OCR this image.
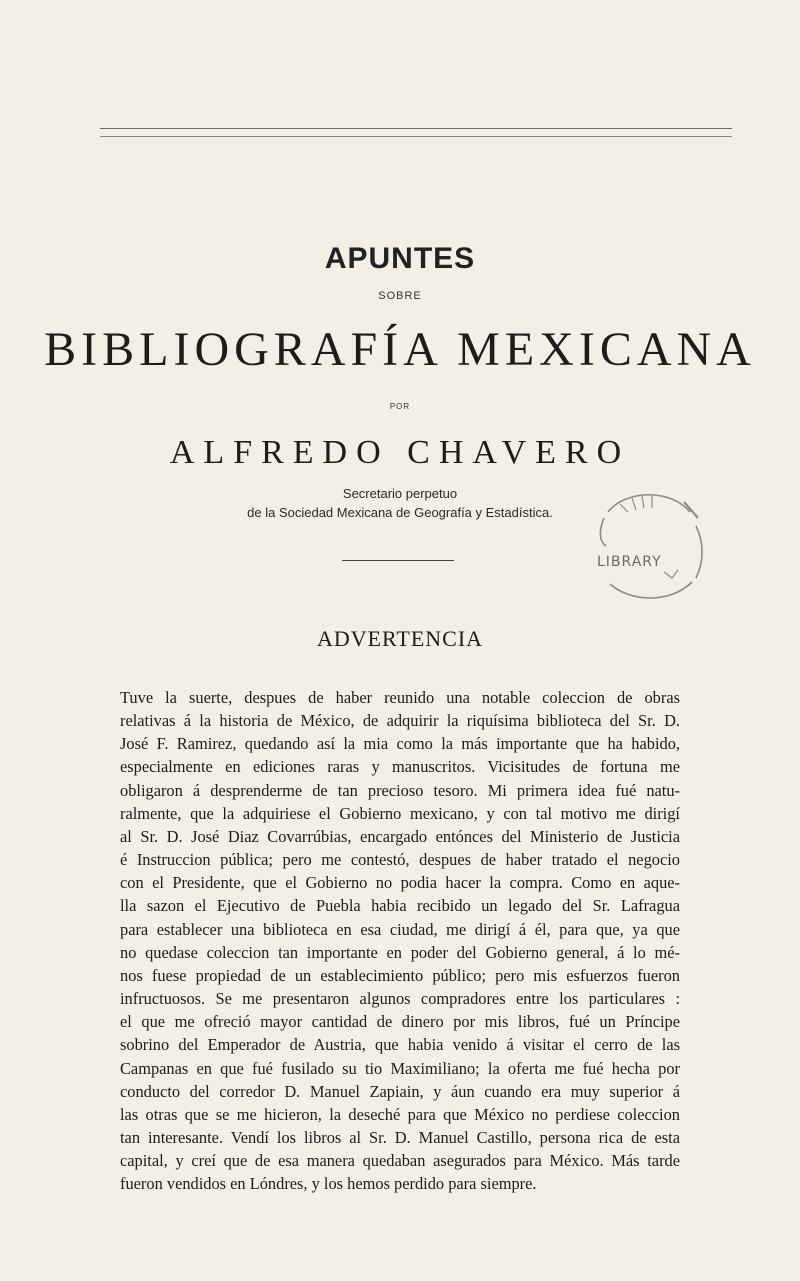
APUNTES
SOBRE
BIBLIOGRAFÍA MEXICANA
POR
ALFREDO CHAVERO
Secretario perpetuo
de la Sociedad Mexicana de Geografía y Estadística.
LIBRARY
ADVERTENCIA
Tuve la suerte, despues de haber reunido una notable coleccion de obras
relativas á la historia de México, de adquirir la riquísima biblioteca del Sr. D.
José F. Ramirez, quedando así la mia como la más importante que ha habido,
especialmente en ediciones raras y manuscritos. Vicisitudes de fortuna me
obligaron á desprenderme de tan precioso tesoro. Mi primera idea fué natu-
ralmente, que la adquiriese el Gobierno mexicano, y con tal motivo me dirigí
al Sr. D. José Diaz Covarrúbias, encargado entónces del Ministerio de Justicia
é Instruccion pública; pero me contestó, despues de haber tratado el negocio
con el Presidente, que el Gobierno no podia hacer la compra. Como en aque-
lla sazon el Ejecutivo de Puebla habia recibido un legado del Sr. Lafragua
para establecer una biblioteca en esa ciudad, me dirigí á él, para que, ya que
no quedase coleccion tan importante en poder del Gobierno general, á lo mé-
nos fuese propiedad de un establecimiento público; pero mis esfuerzos fueron
infructuosos. Se me presentaron algunos compradores entre los particulares :
el que me ofreció mayor cantidad de dinero por mis libros, fué un Príncipe
sobrino del Emperador de Austria, que habia venido á visitar el cerro de las
Campanas en que fué fusilado su tio Maximiliano; la oferta me fué hecha por
conducto del corredor D. Manuel Zapiain, y áun cuando era muy superior á
las otras que se me hicieron, la deseché para que México no perdiese coleccion
tan interesante. Vendí los libros al Sr. D. Manuel Castillo, persona rica de esta
capital, y creí que de esa manera quedaban asegurados para México. Más tarde
fueron vendidos en Lóndres, y los hemos perdido para siempre.
